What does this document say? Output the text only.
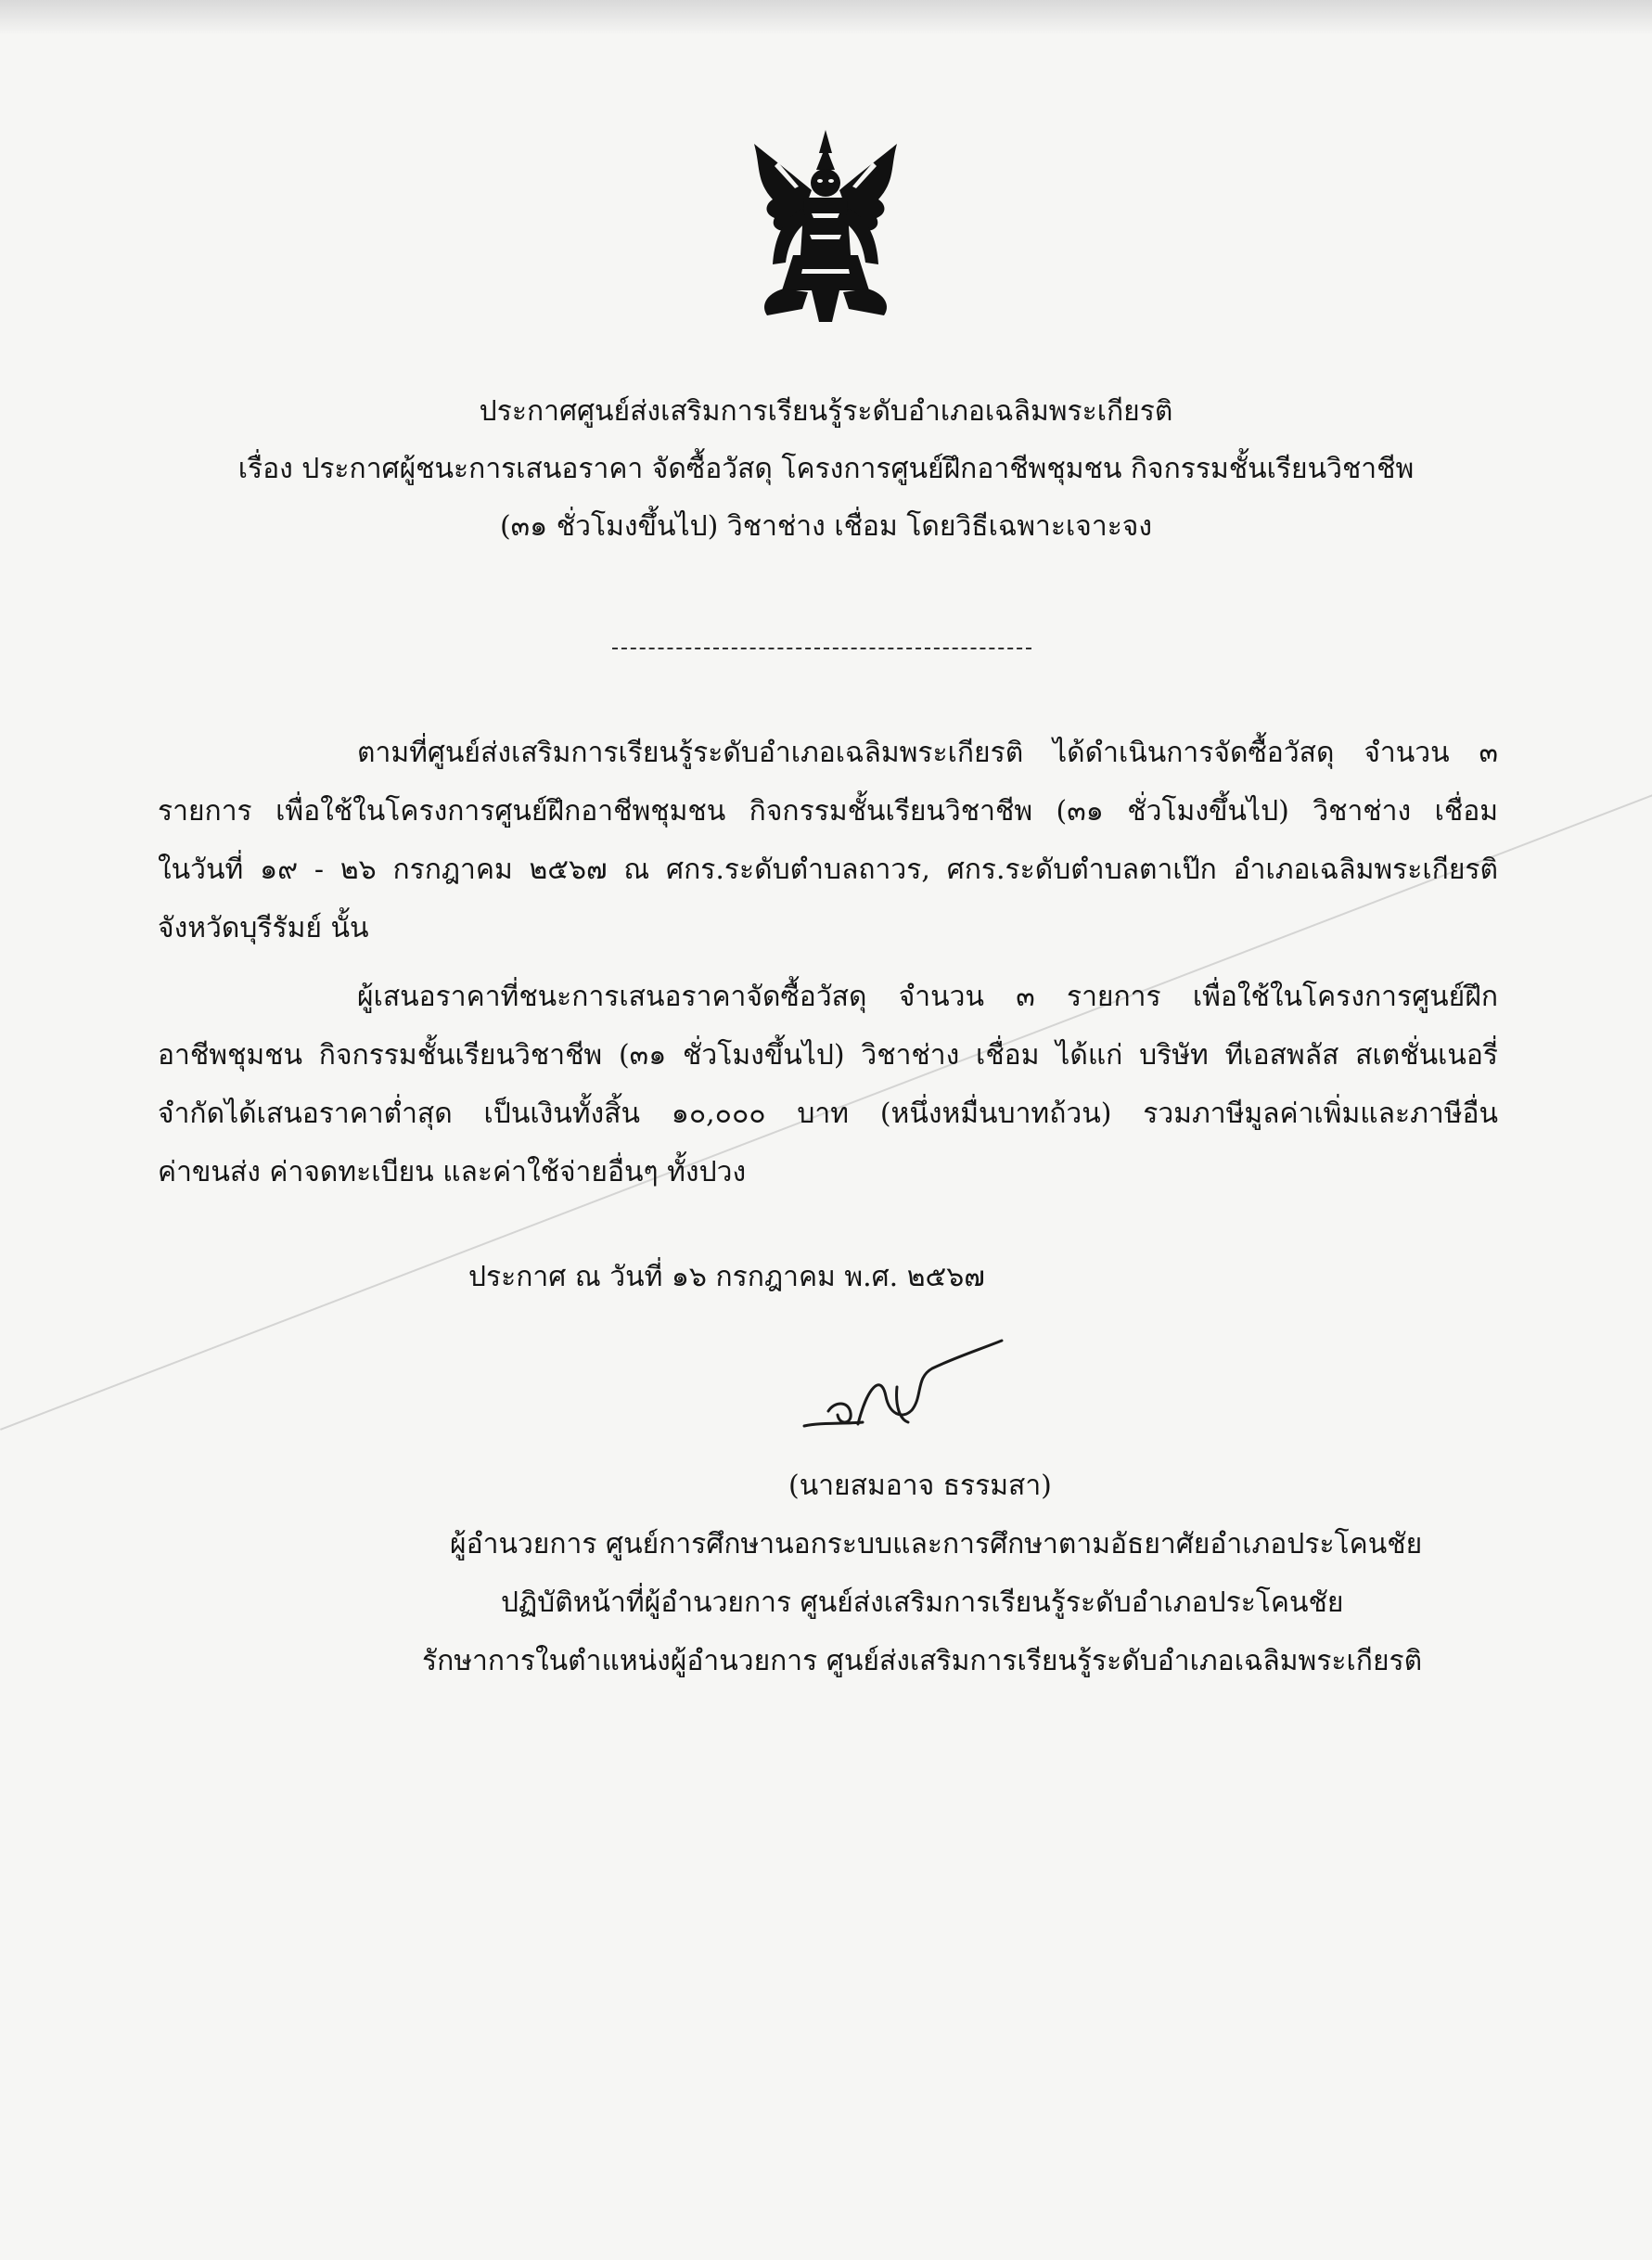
ประกาศศูนย์ส่งเสริมการเรียนรู้ระดับอำเภอเฉลิมพระเกียรติ
เรื่อง ประกาศผู้ชนะการเสนอราคา จัดซื้อวัสดุ โครงการศูนย์ฝึกอาชีพชุมชน กิจกรรมชั้นเรียนวิชาชีพ
(๓๑ ชั่วโมงขึ้นไป) วิชาช่าง เชื่อม โดยวิธีเฉพาะเจาะจง
ตามที่ศูนย์ส่งเสริมการเรียนรู้ระดับอำเภอเฉลิมพระเกียรติ ได้ดำเนินการจัดซื้อวัสดุ จำนวน ๓
รายการ เพื่อใช้ในโครงการศูนย์ฝึกอาชีพชุมชน กิจกรรมชั้นเรียนวิชาชีพ (๓๑ ชั่วโมงขึ้นไป) วิชาช่าง เชื่อม
ในวันที่ ๑๙ - ๒๖ กรกฎาคม ๒๕๖๗ ณ ศกร.ระดับตำบลถาวร, ศกร.ระดับตำบลตาเป๊ก อำเภอเฉลิมพระเกียรติ
จังหวัดบุรีรัมย์ นั้น
ผู้เสนอราคาที่ชนะการเสนอราคาจัดซื้อวัสดุ จำนวน ๓ รายการ เพื่อใช้ในโครงการศูนย์ฝึก
อาชีพชุมชน กิจกรรมชั้นเรียนวิชาชีพ (๓๑ ชั่วโมงขึ้นไป) วิชาช่าง เชื่อม ได้แก่ บริษัท ทีเอสพลัส สเตชั่นเนอรี่
จำกัดได้เสนอราคาต่ำสุด เป็นเงินทั้งสิ้น ๑๐,๐๐๐ บาท (หนึ่งหมื่นบาทถ้วน) รวมภาษีมูลค่าเพิ่มและภาษีอื่น
ค่าขนส่ง ค่าจดทะเบียน และค่าใช้จ่ายอื่นๆ ทั้งปวง
ประกาศ ณ วันที่ ๑๖ กรกฎาคม พ.ศ. ๒๕๖๗
(นายสมอาจ ธรรมสา)
ผู้อำนวยการ ศูนย์การศึกษานอกระบบและการศึกษาตามอัธยาศัยอำเภอประโคนชัย
ปฏิบัติหน้าที่ผู้อำนวยการ ศูนย์ส่งเสริมการเรียนรู้ระดับอำเภอประโคนชัย
รักษาการในตำแหน่งผู้อำนวยการ ศูนย์ส่งเสริมการเรียนรู้ระดับอำเภอเฉลิมพระเกียรติ
